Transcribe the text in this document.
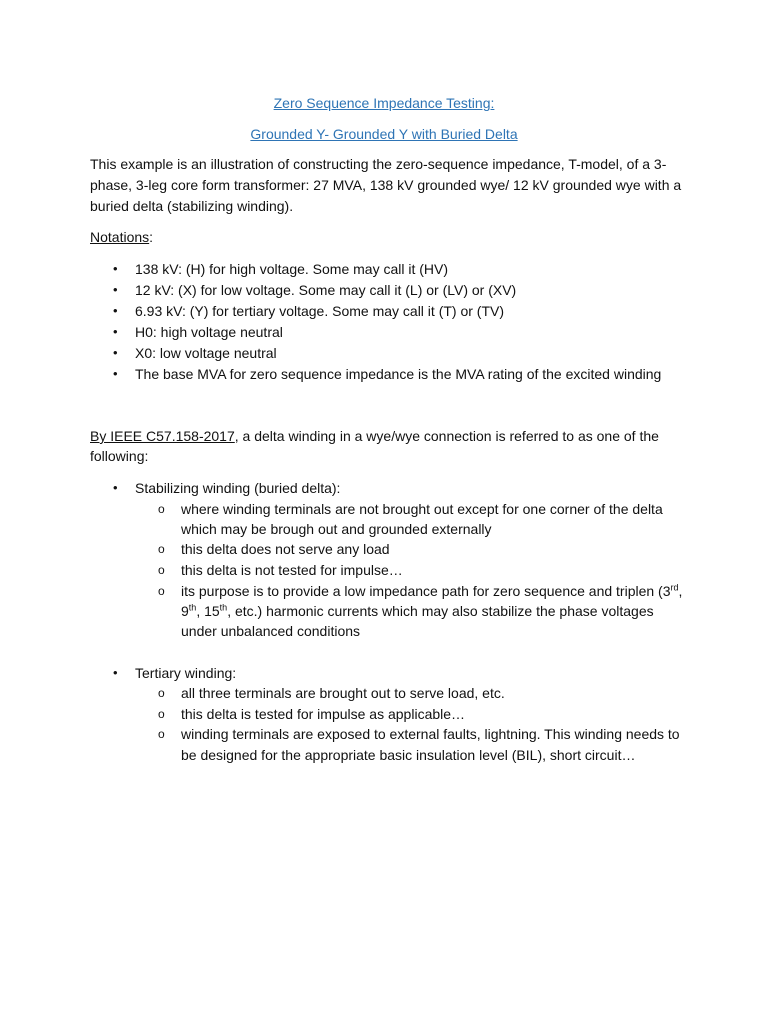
Zero Sequence Impedance Testing:
Grounded Y- Grounded Y with Buried Delta
This example is an illustration of constructing the zero-sequence impedance, T-model, of a 3-
phase, 3-leg core form transformer: 27 MVA, 138 kV grounded wye/ 12 kV grounded wye with a
buried delta (stabilizing winding).
Notations:
• 138 kV: (H) for high voltage. Some may call it (HV)
• 12 kV: (X) for low voltage. Some may call it (L) or (LV) or (XV)
• 6.93 kV: (Y) for tertiary voltage. Some may call it (T) or (TV)
• H0: high voltage neutral
• X0: low voltage neutral
• The base MVA for zero sequence impedance is the MVA rating of the excited winding
By IEEE C57.158-2017, a delta winding in a wye/wye connection is referred to as one of the
following:
• Stabilizing winding (buried delta):
o where winding terminals are not brought out except for one corner of the delta
which may be brough out and grounded externally
o this delta does not serve any load
o this delta is not tested for impulse…
o its purpose is to provide a low impedance path for zero sequence and triplen (3rd,
9th, 15th, etc.) harmonic currents which may also stabilize the phase voltages
under unbalanced conditions
• Tertiary winding:
o all three terminals are brought out to serve load, etc.
o this delta is tested for impulse as applicable…
o winding terminals are exposed to external faults, lightning. This winding needs to
be designed for the appropriate basic insulation level (BIL), short circuit…
